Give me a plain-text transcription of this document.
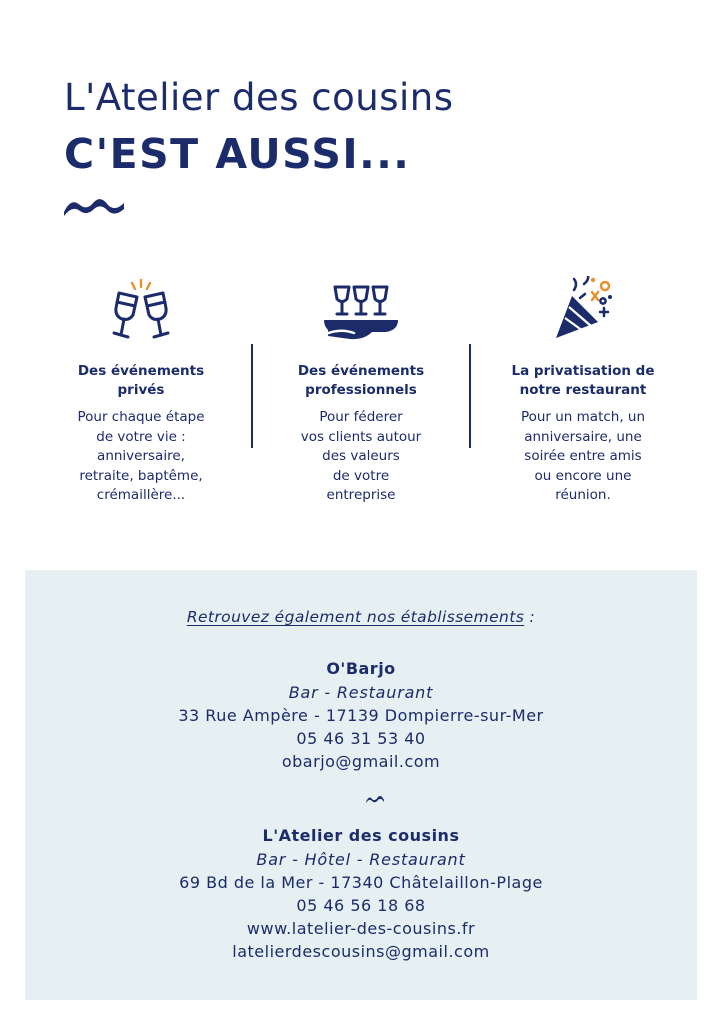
L'Atelier des cousins
C'EST AUSSI...
Des événements
privés

Pour chaque étape
de votre vie :
anniversaire,
retraite, baptême,
crémaillère...

Des événements
professionnels

Pour féderer
vos clients autour
des valeurs
de votre
entreprise

La privatisation de
notre restaurant

Pour un match, un
anniversaire, une
soirée entre amis
ou encore une
réunion.

Retrouvez également nos établissements :
O'Barjo
Bar - Restaurant
33 Rue Ampère - 17139 Dompierre-sur-Mer
05 46 31 53 40
obarjo@gmail.com
L'Atelier des cousins
Bar - Hôtel - Restaurant
69 Bd de la Mer - 17340 Châtelaillon-Plage
05 46 56 18 68
www.latelier-des-cousins.fr
latelierdescousins@gmail.com
